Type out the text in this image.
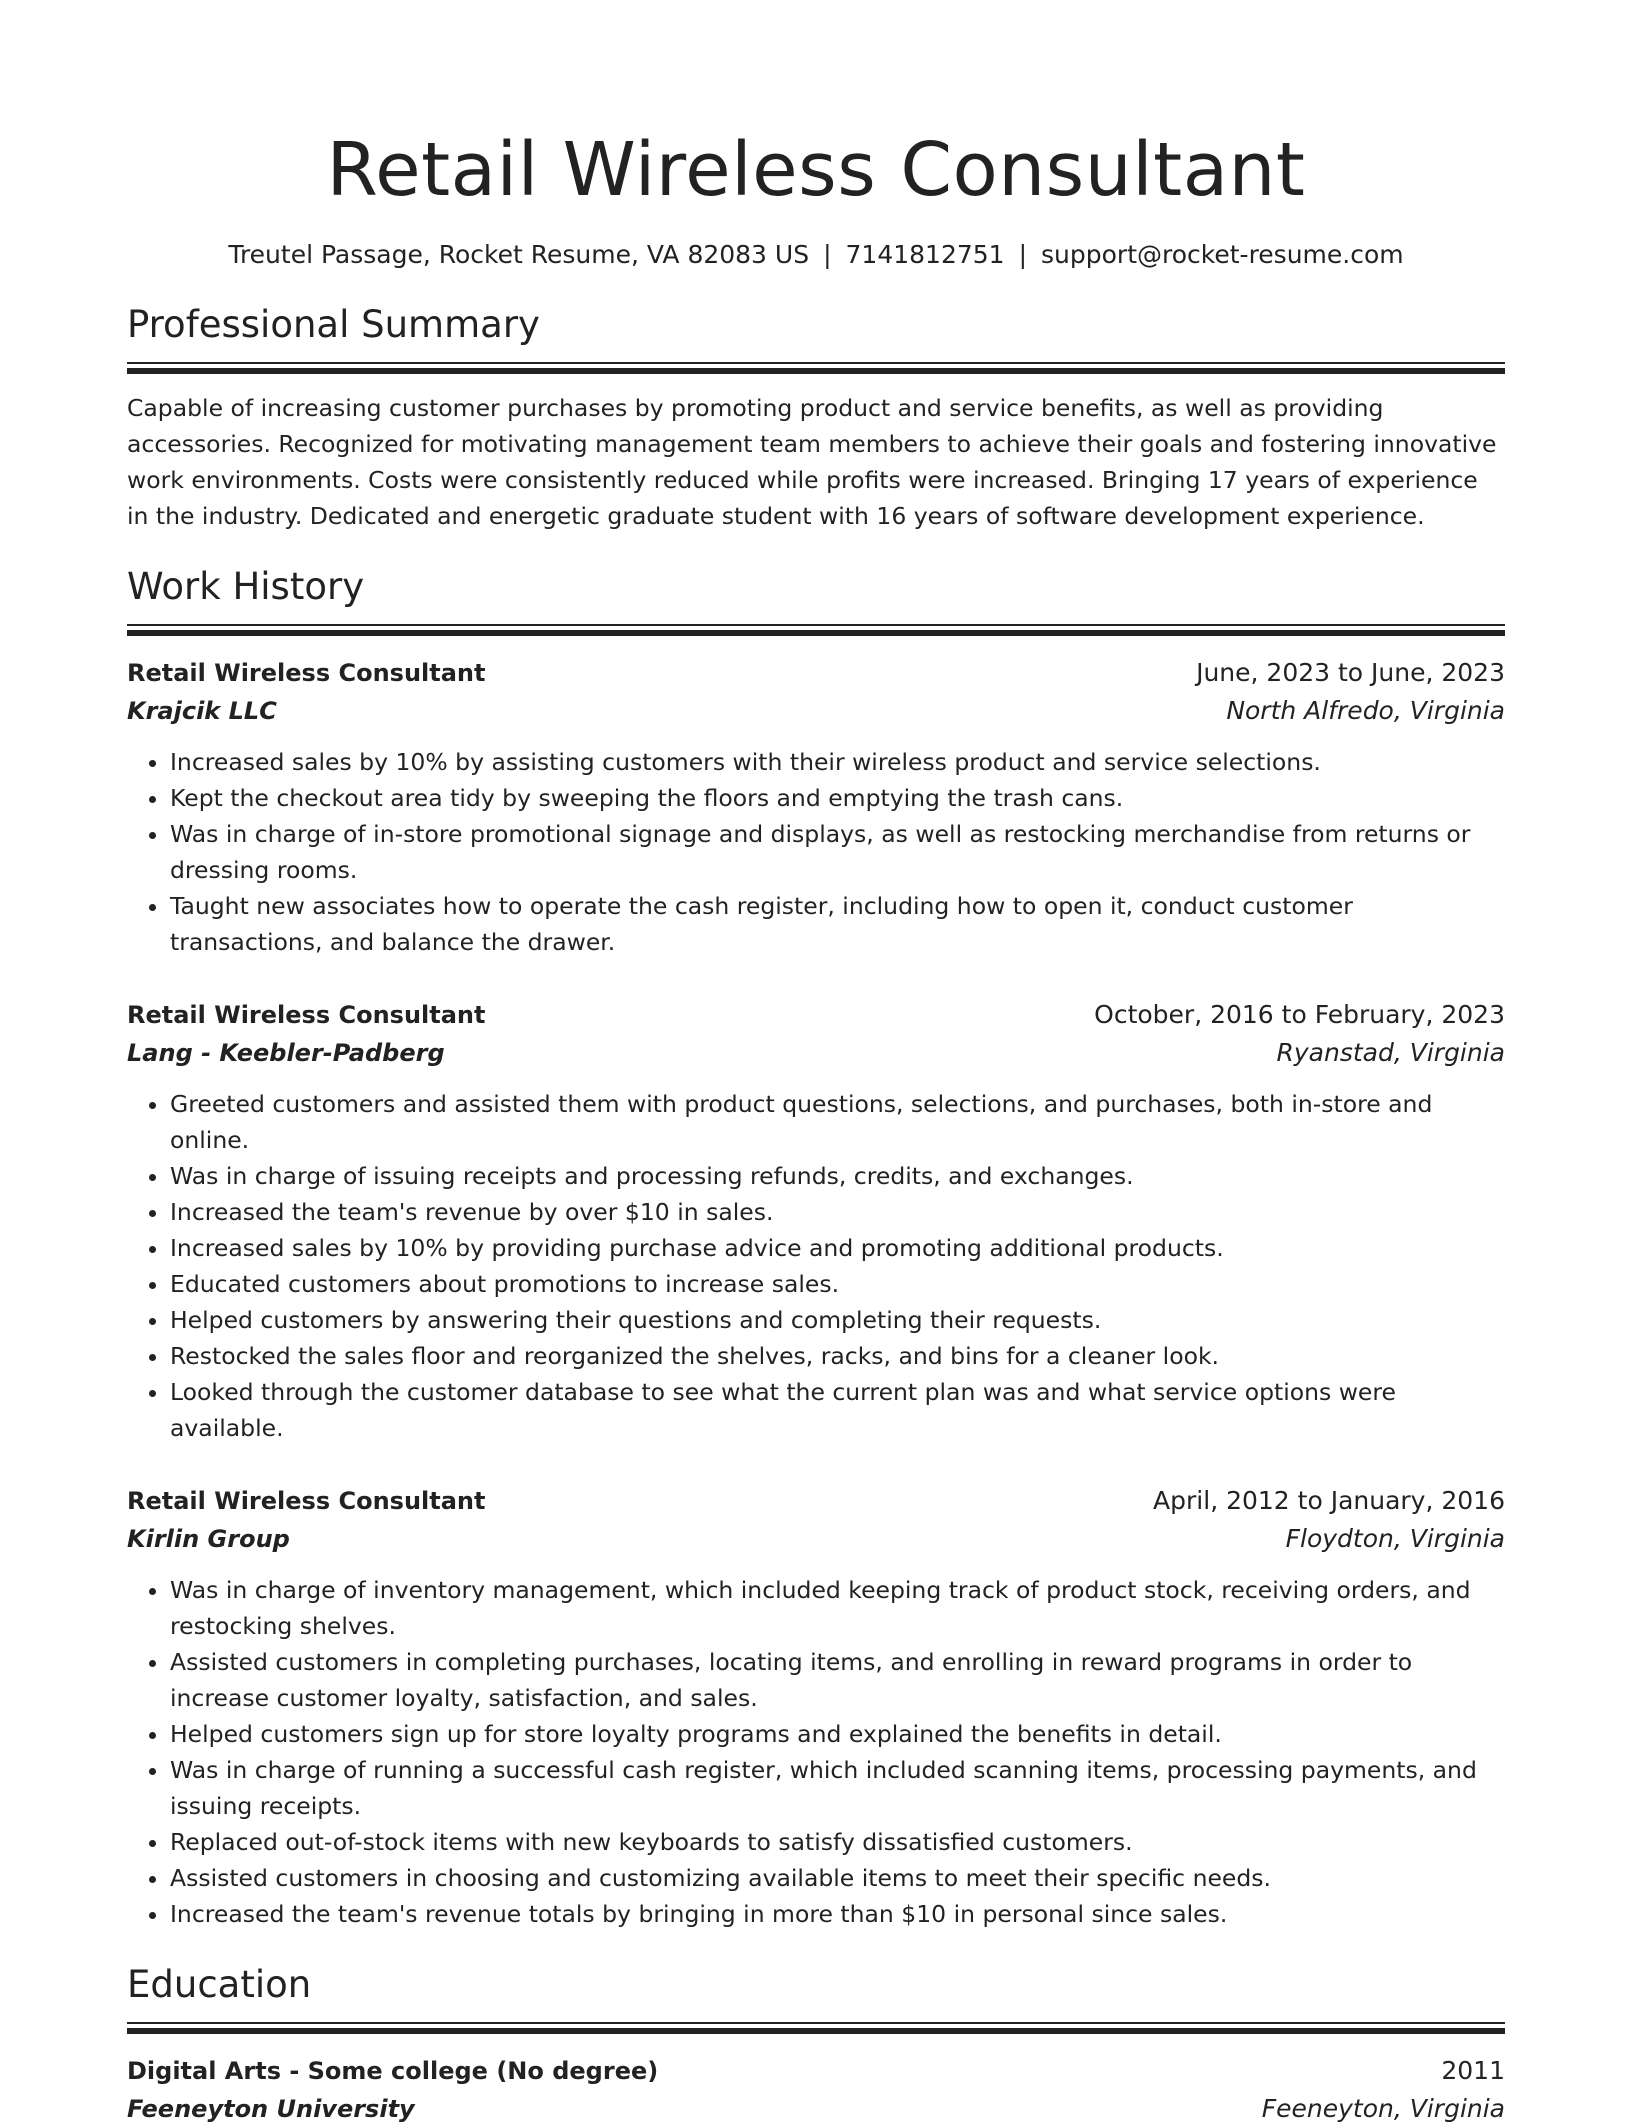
Retail Wireless Consultant
Treutel Passage, Rocket Resume, VA 82083 US | 7141812751 | support@rocket-resume.com
Professional Summary
Capable of increasing customer purchases by promoting product and service benefits, as well as providing accessories. Recognized for motivating management team members to achieve their goals and fostering innovative work environments. Costs were consistently reduced while profits were increased. Bringing 17 years of experience in the industry. Dedicated and energetic graduate student with 16 years of software development experience.
Work History
Retail Wireless Consultant	June, 2023 to June, 2023
Krajcik LLC	North Alfredo, Virginia
• Increased sales by 10% by assisting customers with their wireless product and service selections.
• Kept the checkout area tidy by sweeping the floors and emptying the trash cans.
• Was in charge of in-store promotional signage and displays, as well as restocking merchandise from returns or dressing rooms.
• Taught new associates how to operate the cash register, including how to open it, conduct customer transactions, and balance the drawer.
Retail Wireless Consultant	October, 2016 to February, 2023
Lang - Keebler-Padberg	Ryanstad, Virginia
• Greeted customers and assisted them with product questions, selections, and purchases, both in-store and online.
• Was in charge of issuing receipts and processing refunds, credits, and exchanges.
• Increased the team's revenue by over $10 in sales.
• Increased sales by 10% by providing purchase advice and promoting additional products.
• Educated customers about promotions to increase sales.
• Helped customers by answering their questions and completing their requests.
• Restocked the sales floor and reorganized the shelves, racks, and bins for a cleaner look.
• Looked through the customer database to see what the current plan was and what service options were available.
Retail Wireless Consultant	April, 2012 to January, 2016
Kirlin Group	Floydton, Virginia
• Was in charge of inventory management, which included keeping track of product stock, receiving orders, and restocking shelves.
• Assisted customers in completing purchases, locating items, and enrolling in reward programs in order to increase customer loyalty, satisfaction, and sales.
• Helped customers sign up for store loyalty programs and explained the benefits in detail.
• Was in charge of running a successful cash register, which included scanning items, processing payments, and issuing receipts.
• Replaced out-of-stock items with new keyboards to satisfy dissatisfied customers.
• Assisted customers in choosing and customizing available items to meet their specific needs.
• Increased the team's revenue totals by bringing in more than $10 in personal since sales.
Education
Digital Arts - Some college (No degree)	2011
Feeneyton University	Feeneyton, Virginia
